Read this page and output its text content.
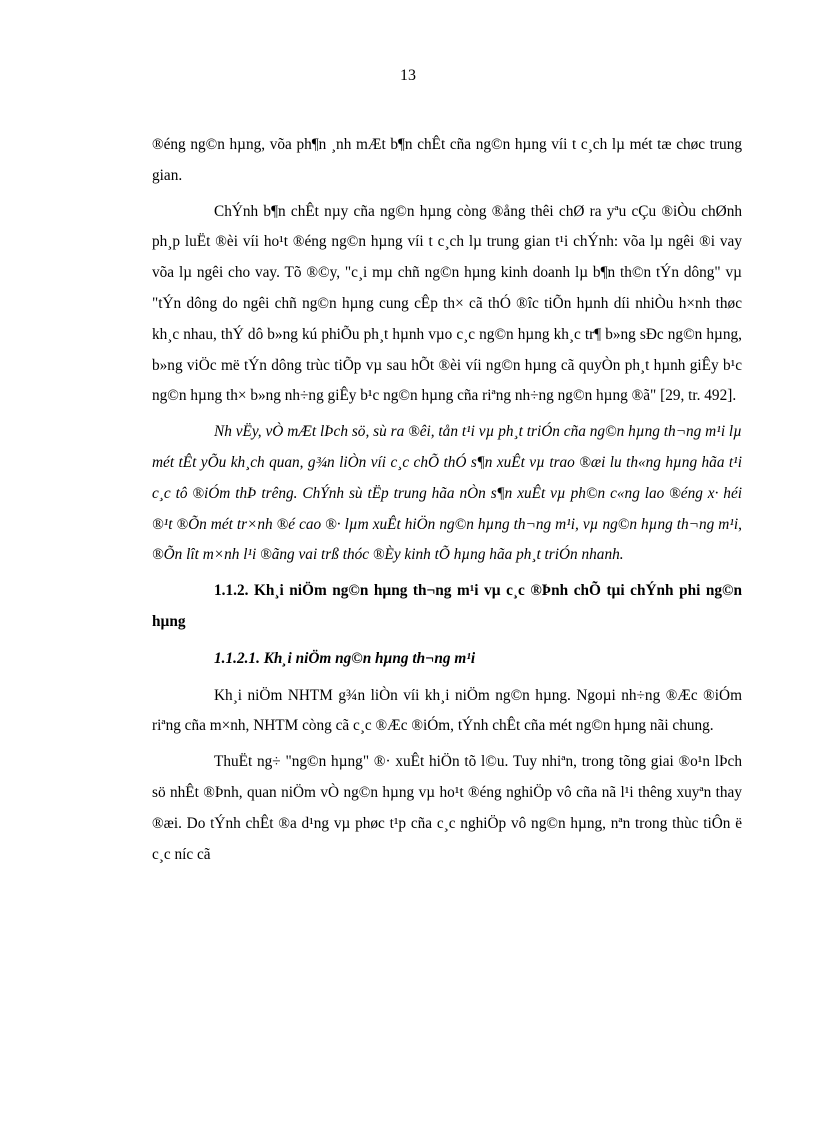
13

®éng ng©n hµng, võa ph¶n ¸nh mÆt b¶n chÊt cña ng©n hµng víi t c¸ch lµ mét tæ chøc trung gian.

ChÝnh b¶n chÊt nµy cña ng©n hµng còng ®ång thêi chØ ra yªu cÇu ®iÒu chØnh ph¸p luËt ®èi víi ho¹t ®éng ng©n hµng víi t c¸ch lµ trung gian t¹i chÝnh: võa lµ ngêi ®i vay võa lµ ngêi cho vay. Tõ ®©y, "c¸i mµ chñ ng©n hµng kinh doanh lµ b¶n th©n tÝn dông" vµ "tÝn dông do ngêi chñ ng©n hµng cung cÊp th× cã thÓ ®îc tiÕn hµnh díi nhiÒu h×nh thøc kh¸c nhau, thÝ dô b»ng kú phiÕu ph¸t hµnh vµo c¸c ng©n hµng kh¸c tr¶ b»ng sÐc ng©n hµng, b»ng viÖc më tÝn dông trùc tiÕp vµ sau hÕt ®èi víi ng©n hµng cã quyÒn ph¸t hµnh giÊy b¹c ng©n hµng th× b»ng nh÷ng giÊy b¹c ng©n hµng cña riªng nh÷ng ng©n hµng ®ã" [29, tr. 492].

Nh vËy, vÒ mÆt lÞch sö, sù ra ®êi, tån t¹i vµ ph¸t triÓn cña ng©n hµng th¬ng m¹i lµ mét tÊt yÕu kh¸ch quan, g¾n liÒn víi c¸c chÕ thÓ s¶n xuÊt vµ trao ®æi lu th«ng hµng hãa t¹i c¸c tô ®iÓm thÞ trêng. ChÝnh sù tËp trung hãa nÒn s¶n xuÊt vµ ph©n c«ng lao ®éng x· héi ®¹t ®Õn mét tr×nh ®é cao ®· lµm xuÊt hiÖn ng©n hµng th¬ng m¹i, vµ ng©n hµng th¬ng m¹i, ®Õn lît m×nh l¹i ®ãng vai trß thóc ®Èy kinh tÕ hµng hãa ph¸t triÓn nhanh.

1.1.2. Kh¸i niÖm ng©n hµng th¬ng m¹i vµ c¸c ®Þnh chÕ tµi chÝnh phi ng©n hµng

1.1.2.1. Kh¸i niÖm ng©n hµng th¬ng m¹i

Kh¸i niÖm NHTM g¾n liÒn víi kh¸i niÖm ng©n hµng. Ngoµi nh÷ng ®Æc ®iÓm riªng cña m×nh, NHTM còng cã c¸c ®Æc ®iÓm, tÝnh chÊt cña mét ng©n hµng nãi chung.

ThuËt ng÷ "ng©n hµng" ®· xuÊt hiÖn tõ l©u. Tuy nhiªn, trong tõng giai ®o¹n lÞch sö nhÊt ®Þnh, quan niÖm vÒ ng©n hµng vµ ho¹t ®éng nghiÖp vô cña nã l¹i thêng xuyªn thay ®æi. Do tÝnh chÊt ®a d¹ng vµ phøc t¹p cña c¸c nghiÖp vô ng©n hµng, nªn trong thùc tiÔn ë c¸c níc cã
